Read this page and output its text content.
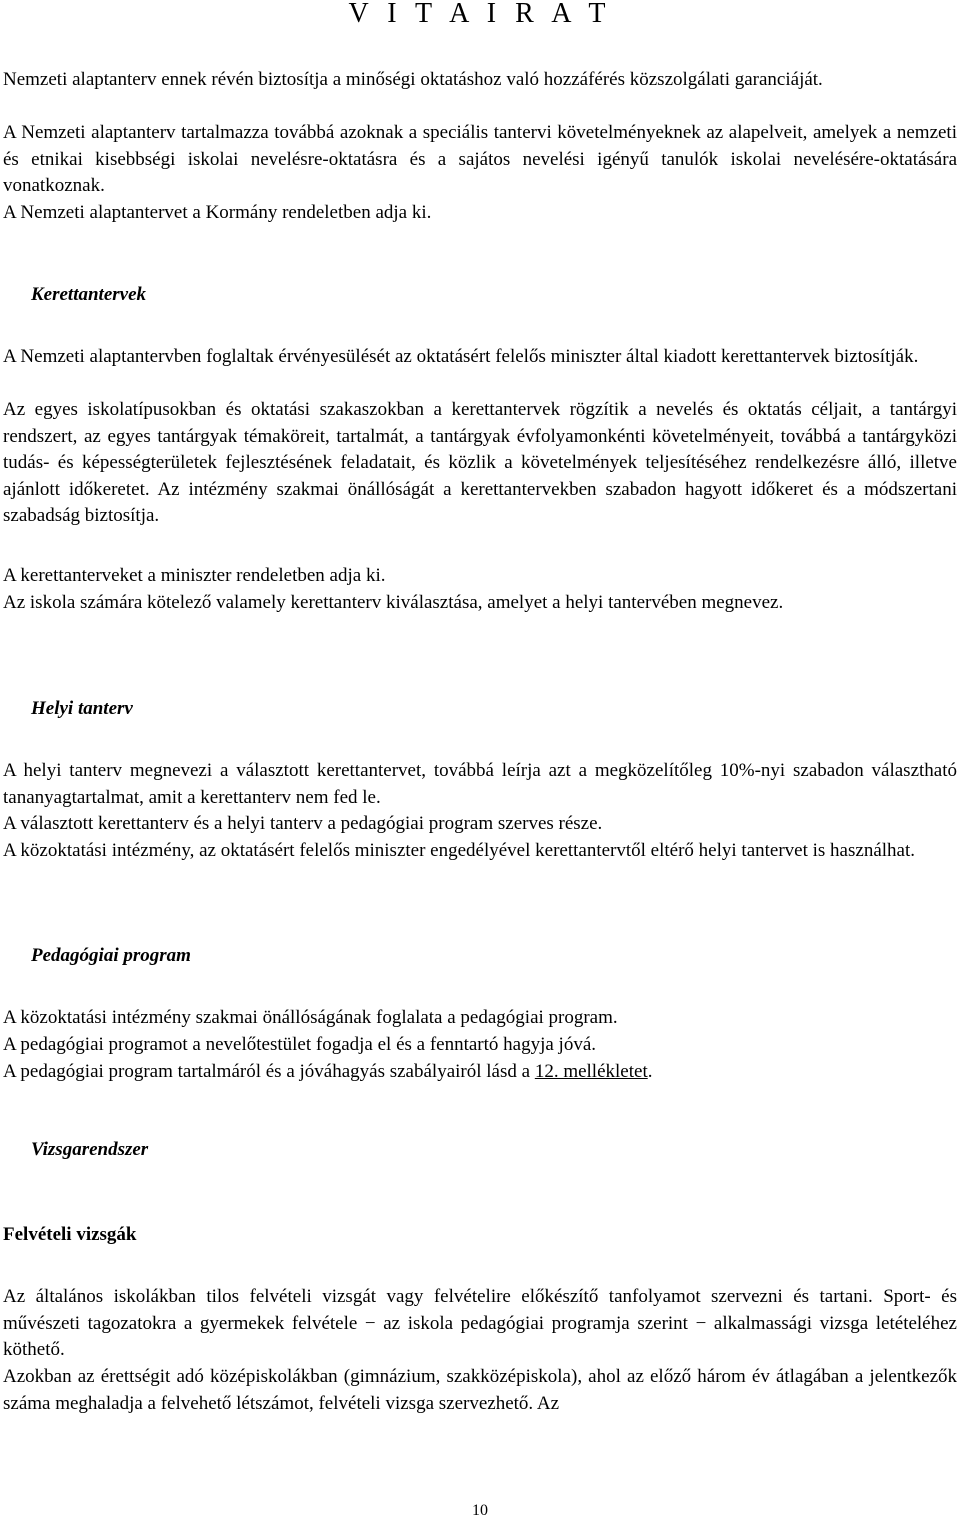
V I T A I R A T

Nemzeti alaptanterv ennek révén biztosítja a minőségi oktatáshoz való hozzáférés közszolgálati garanciáját.

A Nemzeti alaptanterv tartalmazza továbbá azoknak a speciális tantervi követelményeknek az alapelveit, amelyek a nemzeti és etnikai kisebbségi iskolai nevelésre-oktatásra és a sajátos nevelési igényű tanulók iskolai nevelésére-oktatására vonatkoznak.

A Nemzeti alaptantervet a Kormány rendeletben adja ki.

Kerettantervek

A Nemzeti alaptantervben foglaltak érvényesülését az oktatásért felelős miniszter által kiadott kerettantervek biztosítják.

Az egyes iskolatípusokban és oktatási szakaszokban a kerettantervek rögzítik a nevelés és oktatás céljait, a tantárgyi rendszert, az egyes tantárgyak témaköreit, tartalmát, a tantárgyak évfolyamonkénti követelményeit, továbbá a tantárgyközi tudás- és képességterületek fejlesztésének feladatait, és közlik a követelmények teljesítéséhez rendelkezésre álló, illetve ajánlott időkeretet. Az intézmény szakmai önállóságát a kerettantervekben szabadon hagyott időkeret és a módszertani szabadság biztosítja.

A kerettanterveket a miniszter rendeletben adja ki.

Az iskola számára kötelező valamely kerettanterv kiválasztása, amelyet a helyi tantervében megnevez.

Helyi tanterv

A helyi tanterv megnevezi a választott kerettantervet, továbbá leírja azt a megközelítőleg 10%-nyi szabadon választható tananyagtartalmat, amit a kerettanterv nem fed le.

A választott kerettanterv és a helyi tanterv a pedagógiai program szerves része.

A közoktatási intézmény, az oktatásért felelős miniszter engedélyével kerettantervtől eltérő helyi tantervet is használhat.

Pedagógiai program

A közoktatási intézmény szakmai önállóságának foglalata a pedagógiai program.

A pedagógiai programot a nevelőtestület fogadja el és a fenntartó hagyja jóvá.

A pedagógiai program tartalmáról és a jóváhagyás szabályairól lásd a 12. mellékletet.

Vizsgarendszer
Felvételi vizsgák

Az általános iskolákban tilos felvételi vizsgát vagy felvételire előkészítő tanfolyamot szervezni és tartani. Sport- és művészeti tagozatokra a gyermekek felvétele − az iskola pedagógiai programja szerint − alkalmassági vizsga letételéhez köthető.

Azokban az érettségit adó középiskolákban (gimnázium, szakközépiskola), ahol az előző három év átlagában a jelentkezők száma meghaladja a felvehető létszámot, felvételi vizsga szervezhető. Az

10
